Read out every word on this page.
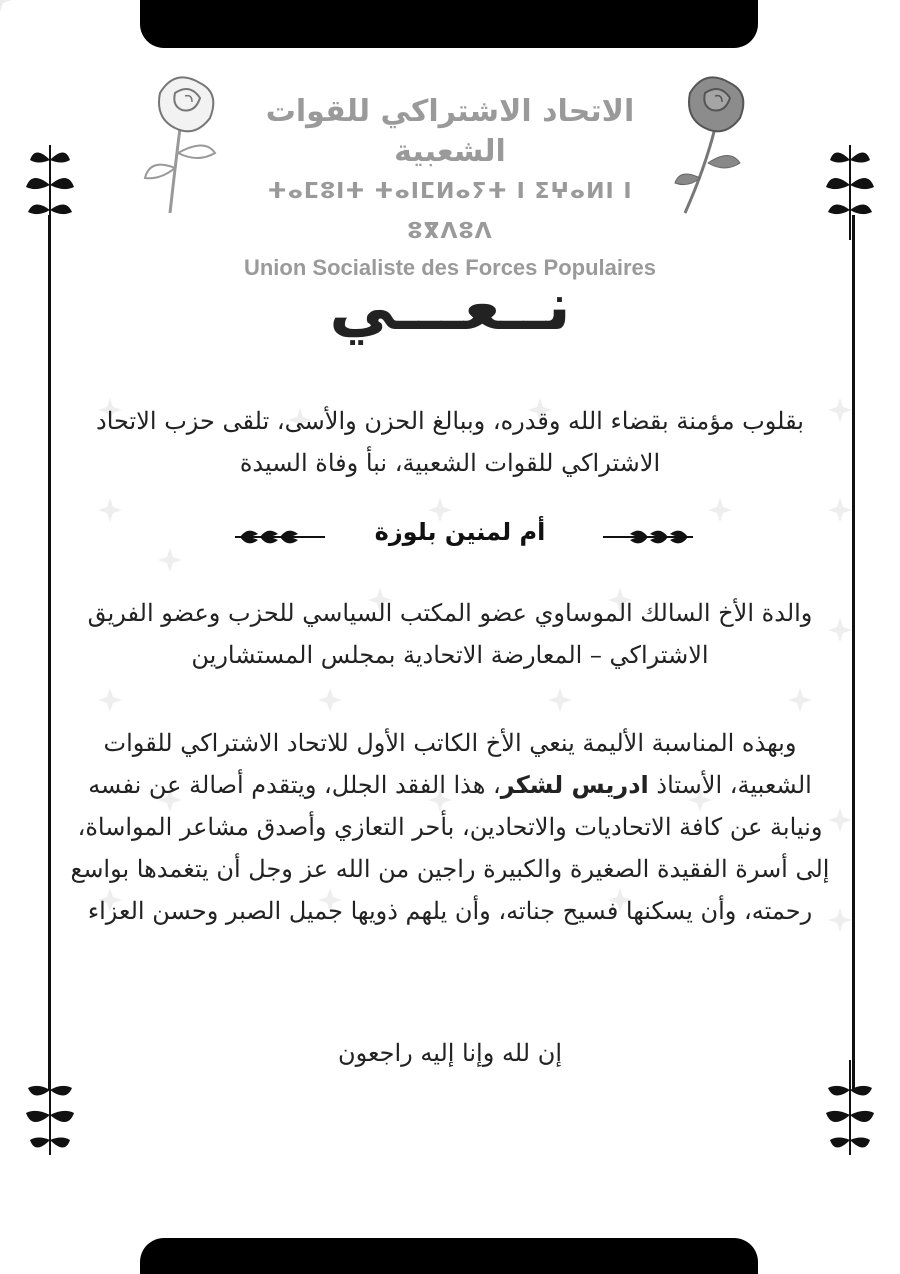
الاتحاد الاشتراكي للقوات الشعبية
ⵜⴰⵎⵓⵏⵜ ⵜⴰⵏⵎⵍⴰⵢⵜ ⵏ ⵉⵖⴰⵍⵏ ⵏ ⵓⴳⴷⵓⴷ
Union Socialiste des Forces Populaires
نــعـــي
بقلوب مؤمنة بقضاء الله وقدره، وببالغ الحزن والأسى، تلقى حزب الاتحاد الاشتراكي للقوات الشعبية، نبأ وفاة السيدة
أم لمنين بلوزة
والدة الأخ السالك الموساوي عضو المكتب السياسي للحزب وعضو الفريق الاشتراكي – المعارضة الاتحادية بمجلس المستشارين
وبهذه المناسبة الأليمة ينعي الأخ الكاتب الأول للاتحاد الاشتراكي للقوات الشعبية، الأستاذ ادريس لشكر، هذا الفقد الجلل، ويتقدم أصالة عن نفسه ونيابة عن كافة الاتحاديات والاتحادين، بأحر التعازي وأصدق مشاعر المواساة، إلى أسرة الفقيدة الصغيرة والكبيرة راجين من الله عز وجل أن يتغمدها بواسع رحمته، وأن يسكنها فسيح جناته، وأن يلهم ذويها جميل الصبر وحسن العزاء
إن لله وإنا إليه راجعون
